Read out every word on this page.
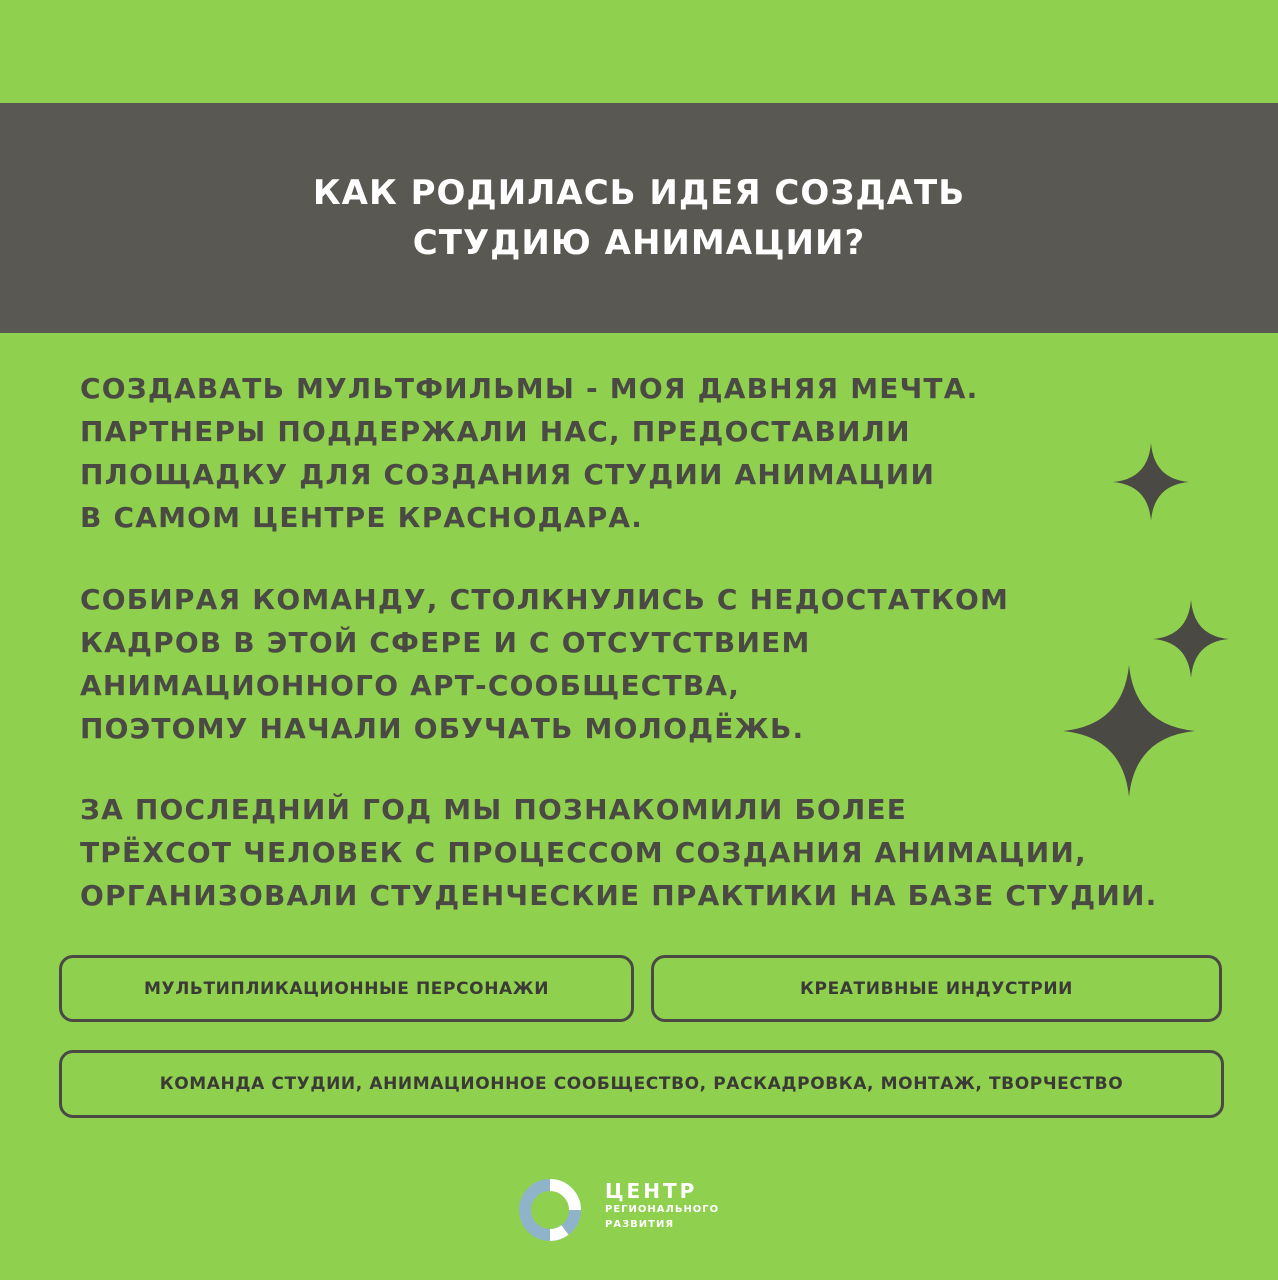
КАК РОДИЛАСЬ ИДЕЯ СОЗДАТЬ

СТУДИЮ АНИМАЦИИ?

СОЗДАВАТЬ МУЛЬТФИЛЬМЫ - МОЯ ДАВНЯЯ МЕЧТА.
ПАРТНЕРЫ ПОДДЕРЖАЛИ НАС, ПРЕДОСТАВИЛИ
ПЛОЩАДКУ ДЛЯ СОЗДАНИЯ СТУДИИ АНИМАЦИИ
В САМОМ ЦЕНТРЕ КРАСНОДАРА.
СОБИРАЯ КОМАНДУ, СТОЛКНУЛИСЬ С НЕДОСТАТКОМ
КАДРОВ В ЭТОЙ СФЕРЕ И С ОТСУТСТВИЕМ
АНИМАЦИОННОГО АРТ-СООБЩЕСТВА,
ПОЭТОМУ НАЧАЛИ ОБУЧАТЬ МОЛОДЁЖЬ.
ЗА ПОСЛЕДНИЙ ГОД МЫ ПОЗНАКОМИЛИ БОЛЕЕ
ТРЁХСОТ ЧЕЛОВЕК С ПРОЦЕССОМ СОЗДАНИЯ АНИМАЦИИ,
ОРГАНИЗОВАЛИ СТУДЕНЧЕСКИЕ ПРАКТИКИ НА БАЗЕ СТУДИИ.
МУЛЬТИПЛИКАЦИОННЫЕ ПЕРСОНАЖИ	КРЕАТИВНЫЕ ИНДУСТРИИ
КОМАНДА СТУДИИ, АНИМАЦИОННОЕ СООБЩЕСТВО, РАСКАДРОВКА, МОНТАЖ, ТВОРЧЕСТВО
ЦЕНТР
РЕГИОНАЛЬНОГО
РАЗВИТИЯ
